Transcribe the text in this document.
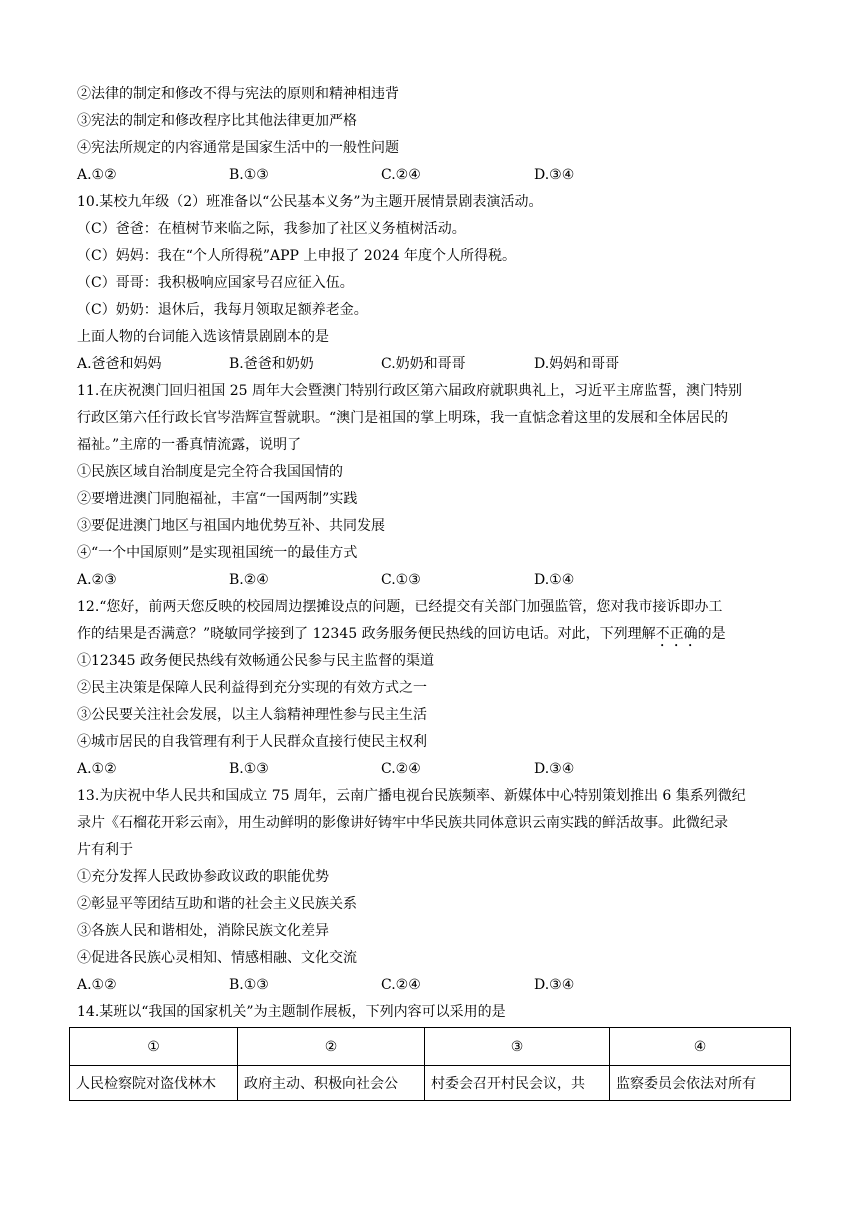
②法律的制定和修改不得与宪法的原则和精神相违背
③宪法的制定和修改程序比其他法律更加严格
④宪法所规定的内容通常是国家生活中的一般性问题
A.①②	B.①③	C.②④	D.③④
10.某校九年级（2）班准备以“公民基本义务”为主题开展情景剧表演活动。
（C）爸爸：在植树节来临之际，我参加了社区义务植树活动。
（C）妈妈：我在“个人所得税”APP 上申报了 2024 年度个人所得税。
（C）哥哥：我积极响应国家号召应征入伍。
（C）奶奶：退休后，我每月领取足额养老金。
上面人物的台词能入选该情景剧剧本的是
A.爸爸和妈妈	B.爸爸和奶奶	C.奶奶和哥哥	D.妈妈和哥哥
11.在庆祝澳门回归祖国 25 周年大会暨澳门特别行政区第六届政府就职典礼上，习近平主席监誓，澳门特别
行政区第六任行政长官岑浩辉宣誓就职。“澳门是祖国的掌上明珠，我一直惦念着这里的发展和全体居民的
福祉。”主席的一番真情流露，说明了
①民族区域自治制度是完全符合我国国情的
②要增进澳门同胞福祉，丰富“一国两制”实践
③要促进澳门地区与祖国内地优势互补、共同发展
④“一个中国原则”是实现祖国统一的最佳方式
A.②③	B.②④	C.①③	D.①④
12.“您好，前两天您反映的校园周边摆摊设点的问题，已经提交有关部门加强监管，您对我市接诉即办工
作的结果是否满意？”晓敏同学接到了 12345 政务服务便民热线的回访电话。对此，下列理解不正确的是
①12345 政务便民热线有效畅通公民参与民主监督的渠道
②民主决策是保障人民利益得到充分实现的有效方式之一
③公民要关注社会发展，以主人翁精神理性参与民主生活
④城市居民的自我管理有利于人民群众直接行使民主权利
A.①②	B.①③	C.②④	D.③④
13.为庆祝中华人民共和国成立 75 周年，云南广播电视台民族频率、新媒体中心特别策划推出 6 集系列微纪
录片《石榴花开彩云南》，用生动鲜明的影像讲好铸牢中华民族共同体意识云南实践的鲜活故事。此微纪录
片有利于
①充分发挥人民政协参政议政的职能优势
②彰显平等团结互助和谐的社会主义民族关系
③各族人民和谐相处，消除民族文化差异
④促进各民族心灵相知、情感相融、文化交流
A.①②	B.①③	C.②④	D.③④
14.某班以“我国的国家机关”为主题制作展板，下列内容可以采用的是
①	②	③	④
人民检察院对盗伐林木	政府主动、积极向社会公	村委会召开村民会议，共	监察委员会依法对所有
